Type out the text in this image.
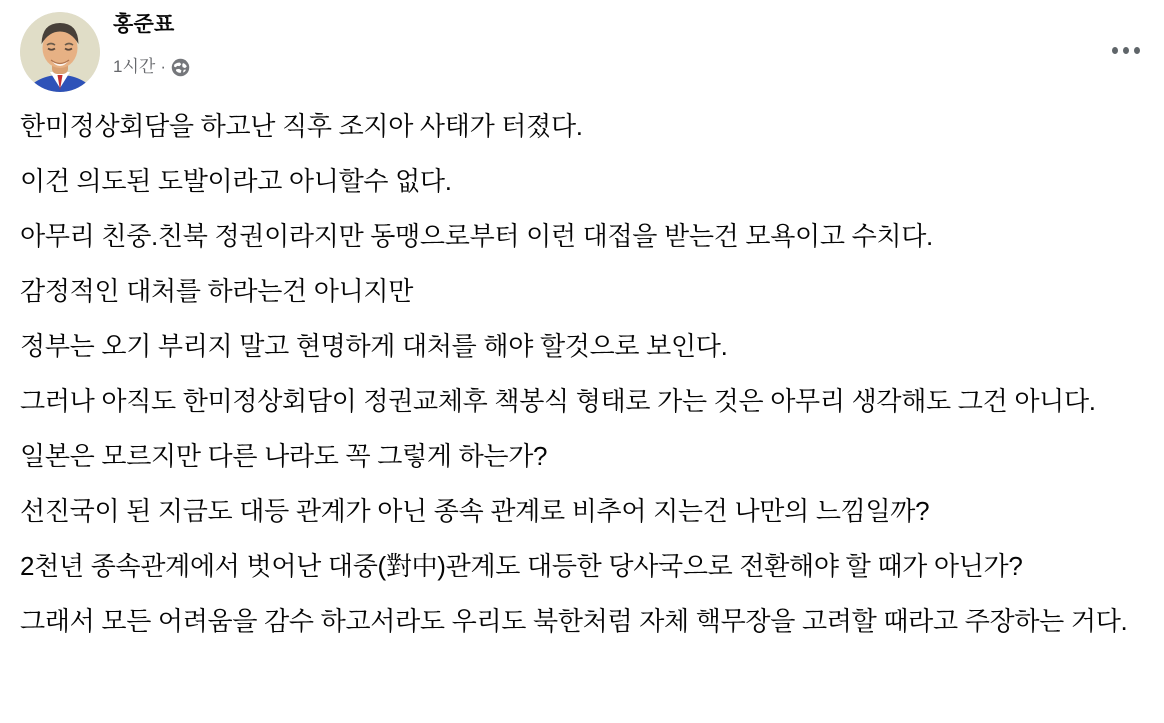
홍준표
1시간 ·

한미정상회담을 하고난 직후 조지아 사태가 터졌다.

이건 의도된 도발이라고 아니할수 없다.

아무리 친중.친북 정권이라지만 동맹으로부터 이런 대접을 받는건 모욕이고 수치다.

감정적인 대처를 하라는건 아니지만

정부는 오기 부리지 말고 현명하게 대처를 해야 할것으로 보인다.

그러나 아직도 한미정상회담이 정권교체후 책봉식 형태로 가는 것은 아무리 생각해도 그건 아니다.

일본은 모르지만 다른 나라도 꼭 그렇게 하는가?

선진국이 된 지금도 대등 관계가 아닌 종속 관계로 비추어 지는건 나만의 느낌일까?

2천년 종속관계에서 벗어난 대중(對中)관계도 대등한 당사국으로 전환해야 할 때가 아닌가?

그래서 모든 어려움을 감수 하고서라도 우리도 북한처럼 자체 핵무장을 고려할 때라고 주장하는 거다.
